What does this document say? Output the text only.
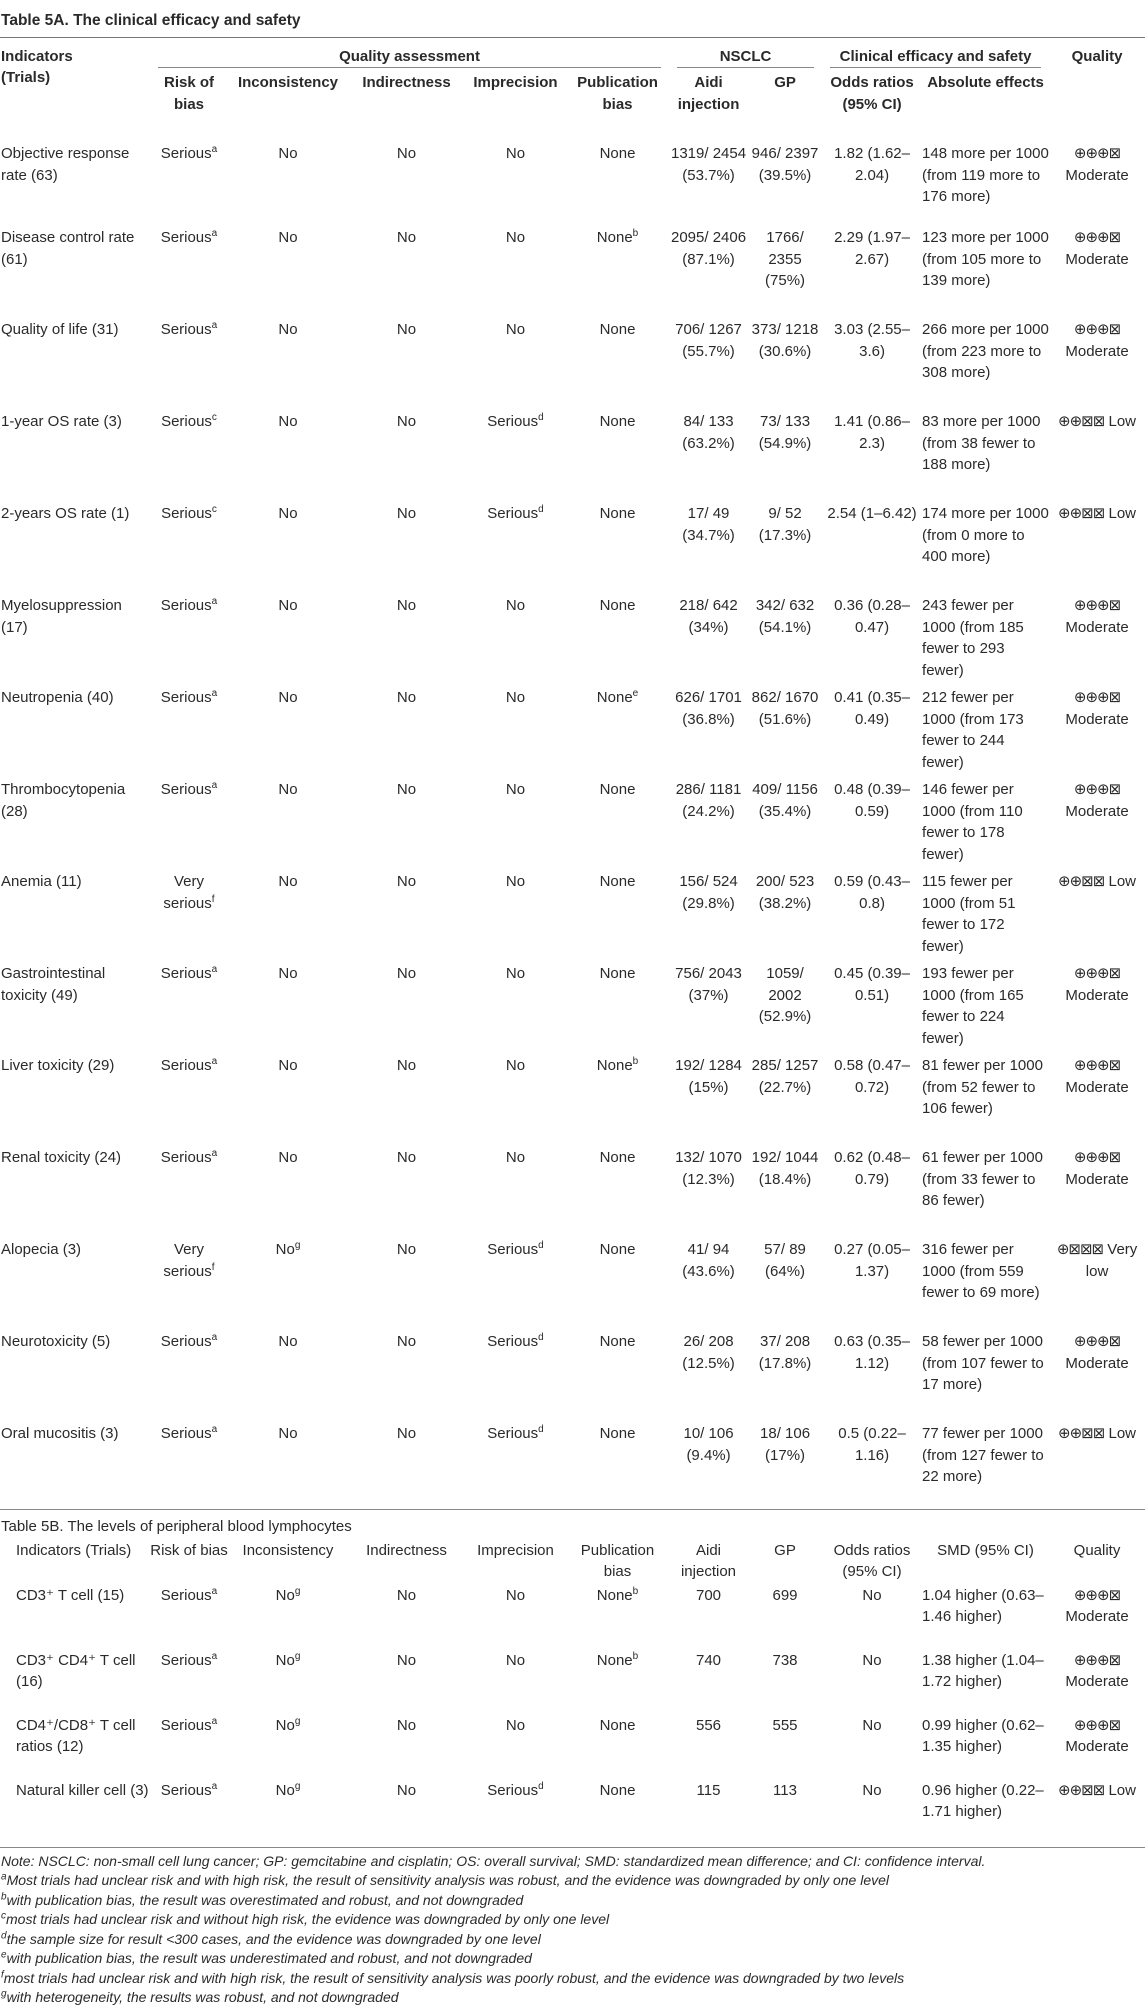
Table 5A. The clinical efficacy and safety
Indicators
(Trials)	Quality assessment					NSCLC		Clinical efficacy and safety		Quality
	Risk of bias	Inconsistency	Indirectness	Imprecision	Publication bias	Aidi injection	GP	Odds ratios (95% CI)	Absolute effects	
Objective response rate (63)	Serious$^a$	No	No	No	None	1319/ 2454 (53.7%)	946/ 2397 (39.5%)	1.82 (1.62–2.04)	148 more per 1000 (from 119 more to 176 more)	⊕⊕⊕⊠ Moderate
Disease control rate (61)	Serious$^a$	No	No	No	None$^b$	2095/ 2406 (87.1%)	1766/ 2355 (75%)	2.29 (1.97–2.67)	123 more per 1000 (from 105 more to 139 more)	⊕⊕⊕⊠ Moderate
Quality of life (31)	Serious$^a$	No	No	No	None	706/ 1267 (55.7%)	373/ 1218 (30.6%)	3.03 (2.55–3.6)	266 more per 1000 (from 223 more to 308 more)	⊕⊕⊕⊠ Moderate
1-year OS rate (3)	Serious$^c$	No	No	Serious$^d$	None	84/ 133 (63.2%)	73/ 133 (54.9%)	1.41 (0.86–2.3)	83 more per 1000 (from 38 fewer to 188 more)	⊕⊕⊠⊠ Low
2-years OS rate (1)	Serious$^c$	No	No	Serious$^d$	None	17/ 49 (34.7%)	9/ 52 (17.3%)	2.54 (1–6.42)	174 more per 1000 (from 0 more to 400 more)	⊕⊕⊠⊠ Low
Myelosuppression (17)	Serious$^a$	No	No	No	None	218/ 642 (34%)	342/ 632 (54.1%)	0.36 (0.28–0.47)	243 fewer per 1000 (from 185 fewer to 293 fewer)	⊕⊕⊕⊠ Moderate
Neutropenia (40)	Serious$^a$	No	No	No	None$^e$	626/ 1701 (36.8%)	862/ 1670 (51.6%)	0.41 (0.35–0.49)	212 fewer per 1000 (from 173 fewer to 244 fewer)	⊕⊕⊕⊠ Moderate
Thrombocytopenia (28)	Serious$^a$	No	No	No	None	286/ 1181 (24.2%)	409/ 1156 (35.4%)	0.48 (0.39–0.59)	146 fewer per 1000 (from 110 fewer to 178 fewer)	⊕⊕⊕⊠ Moderate
Anemia (11)	Very serious$^f$	No	No	No	None	156/ 524 (29.8%)	200/ 523 (38.2%)	0.59 (0.43–0.8)	115 fewer per 1000 (from 51 fewer to 172 fewer)	⊕⊕⊠⊠ Low
Gastrointestinal toxicity (49)	Serious$^a$	No	No	No	None	756/ 2043 (37%)	1059/ 2002 (52.9%)	0.45 (0.39–0.51)	193 fewer per 1000 (from 165 fewer to 224 fewer)	⊕⊕⊕⊠ Moderate
Liver toxicity (29)	Serious$^a$	No	No	No	None$^b$	192/ 1284 (15%)	285/ 1257 (22.7%)	0.58 (0.47–0.72)	81 fewer per 1000 (from 52 fewer to 106 fewer)	⊕⊕⊕⊠ Moderate
Renal toxicity (24)	Serious$^a$	No	No	No	None	132/ 1070 (12.3%)	192/ 1044 (18.4%)	0.62 (0.48–0.79)	61 fewer per 1000 (from 33 fewer to 86 fewer)	⊕⊕⊕⊠ Moderate
Alopecia (3)	Very serious$^f$	No$^g$	No	Serious$^d$	None	41/ 94 (43.6%)	57/ 89 (64%)	0.27 (0.05–1.37)	316 fewer per 1000 (from 559 fewer to 69 more)	⊕⊠⊠⊠ Very low
Neurotoxicity (5)	Serious$^a$	No	No	Serious$^d$	None	26/ 208 (12.5%)	37/ 208 (17.8%)	0.63 (0.35–1.12)	58 fewer per 1000 (from 107 fewer to 17 more)	⊕⊕⊕⊠ Moderate
Oral mucositis (3)	Serious$^a$	No	No	Serious$^d$	None	10/ 106 (9.4%)	18/ 106 (17%)	0.5 (0.22–1.16)	77 fewer per 1000 (from 127 fewer to 22 more)	⊕⊕⊠⊠ Low
Table 5B. The levels of peripheral blood lymphocytes
Indicators (Trials)	Risk of bias	Inconsistency	Indirectness	Imprecision	Publication bias	Aidi injection	GP	Odds ratios (95% CI)	SMD (95% CI)	Quality
CD3⁺ T cell (15)	Serious$^a$	No$^g$	No	No	None$^b$	700	699	No	1.04 higher (0.63–1.46 higher)	⊕⊕⊕⊠ Moderate
CD3⁺ CD4⁺ T cell (16)	Serious$^a$	No$^g$	No	No	None$^b$	740	738	No	1.38 higher (1.04–1.72 higher)	⊕⊕⊕⊠ Moderate
CD4⁺/CD8⁺ T cell ratios (12)	Serious$^a$	No$^g$	No	No	None	556	555	No	0.99 higher (0.62–1.35 higher)	⊕⊕⊕⊠ Moderate
Natural killer cell (3)	Serious$^a$	No$^g$	No	Serious$^d$	None	115	113	No	0.96 higher (0.22–1.71 higher)	⊕⊕⊠⊠ Low
Note: NSCLC: non-small cell lung cancer; GP: gemcitabine and cisplatin; OS: overall survival; SMD: standardized mean difference; and CI: confidence interval.
$^a$Most trials had unclear risk and with high risk, the result of sensitivity analysis was robust, and the evidence was downgraded by only one level
$^b$with publication bias, the result was overestimated and robust, and not downgraded
$^c$most trials had unclear risk and without high risk, the evidence was downgraded by only one level
$^d$the sample size for result <300 cases, and the evidence was downgraded by one level
$^e$with publication bias, the result was underestimated and robust, and not downgraded
$^f$most trials had unclear risk and with high risk, the result of sensitivity analysis was poorly robust, and the evidence was downgraded by two levels
$^g$with heterogeneity, the results was robust, and not downgraded
